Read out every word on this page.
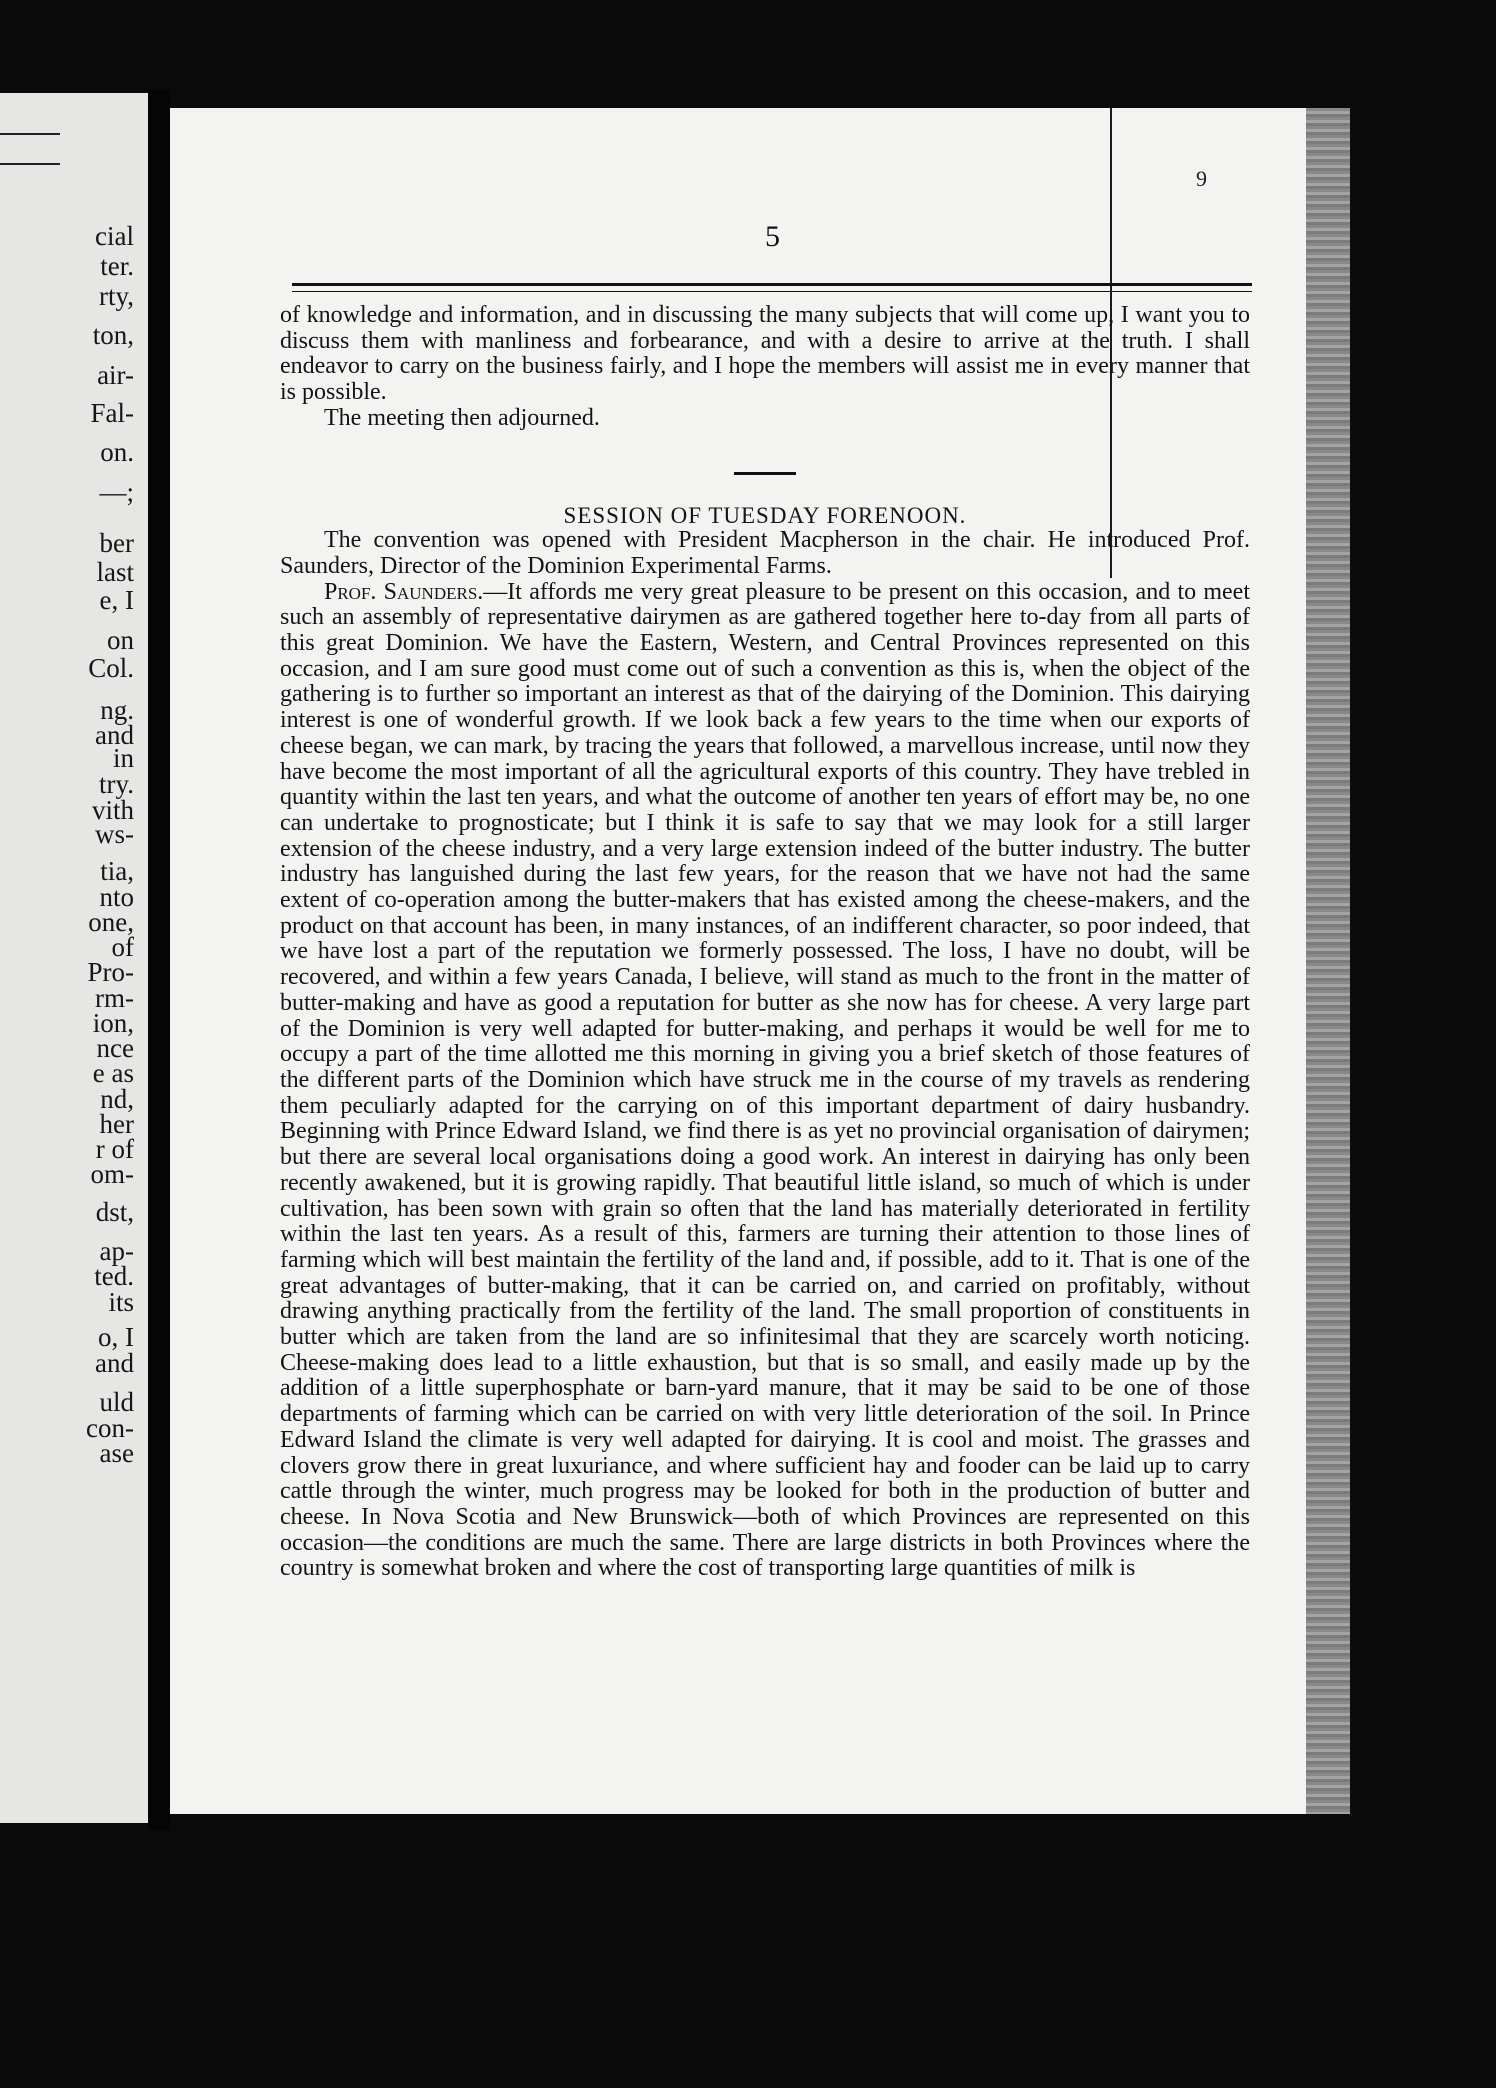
cial
ter.
rty,
ton,
air-
Fal-
on.
—;
ber
last
e, I
on
Col.
ng.
and
in
try.
vith
ws-
tia,
nto
one,
of
Pro-
rm-
ion,
nce
e as
nd,
her
r of
om-
dst,
ap-
ted.
its
o, I
and
uld
con-
ase
9
5

of knowledge and information, and in discussing the many subjects that will come up, I want you to discuss them with manliness and forbearance, and with a desire to arrive at the truth. I shall endeavor to carry on the business fairly, and I hope the members will assist me in every manner that is possible.

The meeting then adjourned.

SESSION OF TUESDAY FORENOON.

The convention was opened with President Macpherson in the chair. He introduced Prof. Saunders, Director of the Dominion Experimental Farms.

Prof. Saunders.—It affords me very great pleasure to be present on this occasion, and to meet such an assembly of representative dairymen as are gathered together here to-day from all parts of this great Dominion. We have the Eastern, Western, and Central Provinces represented on this occasion, and I am sure good must come out of such a convention as this is, when the object of the gathering is to further so important an interest as that of the dairying of the Dominion. This dairying interest is one of wonderful growth. If we look back a few years to the time when our exports of cheese began, we can mark, by tracing the years that followed, a marvellous increase, until now they have become the most important of all the agricultural exports of this country. They have trebled in quantity within the last ten years, and what the outcome of another ten years of effort may be, no one can undertake to prognosticate; but I think it is safe to say that we may look for a still larger extension of the cheese industry, and a very large extension indeed of the butter industry. The butter industry has languished during the last few years, for the reason that we have not had the same extent of co-operation among the butter-makers that has existed among the cheese-makers, and the product on that account has been, in many instances, of an indifferent character, so poor indeed, that we have lost a part of the reputation we formerly possessed. The loss, I have no doubt, will be recovered, and within a few years Canada, I believe, will stand as much to the front in the matter of butter-making and have as good a reputation for butter as she now has for cheese. A very large part of the Dominion is very well adapted for butter-making, and perhaps it would be well for me to occupy a part of the time allotted me this morning in giving you a brief sketch of those features of the different parts of the Dominion which have struck me in the course of my travels as rendering them peculiarly adapted for the carrying on of this important department of dairy husbandry. Beginning with Prince Edward Island, we find there is as yet no provincial organisation of dairymen; but there are several local organisations doing a good work. An interest in dairying has only been recently awakened, but it is growing rapidly. That beautiful little island, so much of which is under cultivation, has been sown with grain so often that the land has materially deteriorated in fertility within the last ten years. As a result of this, farmers are turning their attention to those lines of farming which will best maintain the fertility of the land and, if possible, add to it. That is one of the great advantages of butter-making, that it can be carried on, and carried on profitably, without drawing anything practically from the fertility of the land. The small proportion of constituents in butter which are taken from the land are so infinitesimal that they are scarcely worth noticing. Cheese-making does lead to a little exhaustion, but that is so small, and easily made up by the addition of a little superphosphate or barn-yard manure, that it may be said to be one of those departments of farming which can be carried on with very little deterioration of the soil. In Prince Edward Island the climate is very well adapted for dairying. It is cool and moist. The grasses and clovers grow there in great luxuriance, and where sufficient hay and fooder can be laid up to carry cattle through the winter, much progress may be looked for both in the production of butter and cheese. In Nova Scotia and New Brunswick—both of which Provinces are represented on this occasion—the conditions are much the same. There are large districts in both Provinces where the country is somewhat broken and where the cost of transporting large quantities of milk is
